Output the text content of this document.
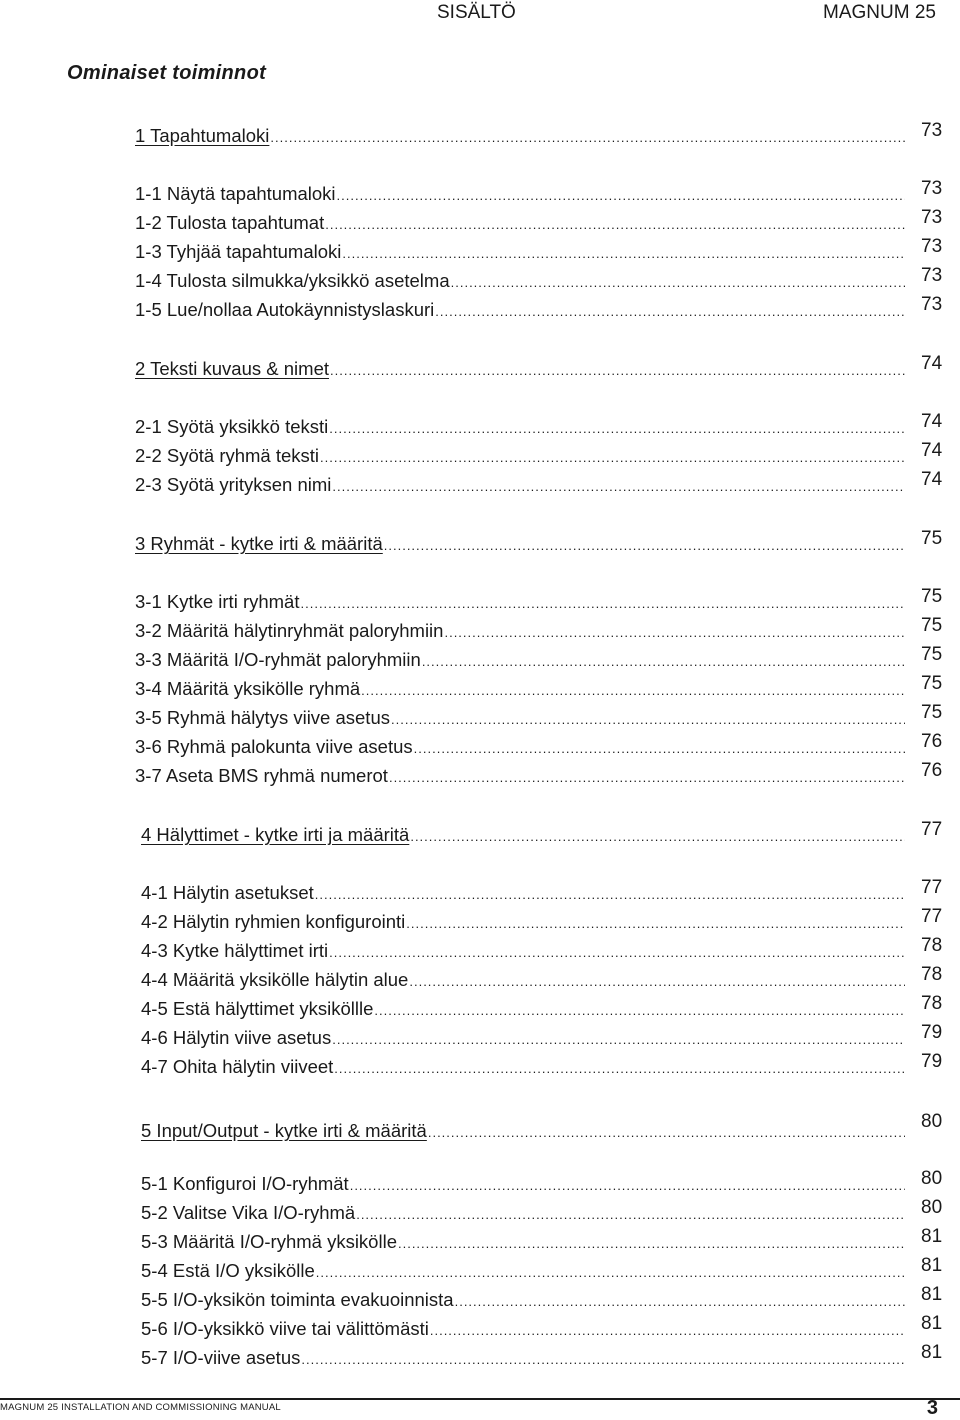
SISÄLTÖ	MAGNUM 25
Ominaiset toiminnot
1 Tapahtumaloki .....	73
1-1 Näytä tapahtumaloki .....	73
1-2 Tulosta tapahtumat .....	73
1-3 Tyhjää tapahtumaloki .....	73
1-4 Tulosta silmukka/yksikkö asetelma .....	73
1-5 Lue/nollaa Autokäynnistyslaskuri .....	73
2 Teksti kuvaus & nimet .....	74
2-1 Syötä yksikkö teksti .....	74
2-2 Syötä ryhmä teksti .....	74
2-3 Syötä yrityksen nimi .....	74
3 Ryhmät - kytke irti & määritä .....	75
3-1 Kytke irti ryhmät .....	75
3-2 Määritä hälytinryhmät paloryhmiin .....	75
3-3 Määritä I/O-ryhmät paloryhmiin .....	75
3-4 Määritä yksikölle ryhmä .....	75
3-5 Ryhmä hälytys viive asetus .....	75
3-6 Ryhmä palokunta viive asetus .....	76
3-7 Aseta BMS ryhmä numerot .....	76
4 Hälyttimet - kytke irti ja määritä .....	77
4-1 Hälytin asetukset .....	77
4-2 Hälytin ryhmien konfigurointi .....	77
4-3 Kytke hälyttimet irti .....	78
4-4 Määritä yksikölle hälytin alue .....	78
4-5 Estä hälyttimet yksiköllle .....	78
4-6 Hälytin viive asetus .....	79
4-7 Ohita hälytin viiveet .....	79
5 Input/Output - kytke irti & määritä .....	80
5-1 Konfiguroi I/O-ryhmät .....	80
5-2 Valitse Vika I/O-ryhmä .....	80
5-3 Määritä I/O-ryhmä yksikölle .....	81
5-4 Estä I/O yksikölle .....	81
5-5 I/O-yksikön toiminta evakuoinnista .....	81
5-6 I/O-yksikkö viive tai välittömästi .....	81
5-7 I/O-viive asetus .....	81
MAGNUM 25 INSTALLATION AND COMMISSIONING MANUAL	3
